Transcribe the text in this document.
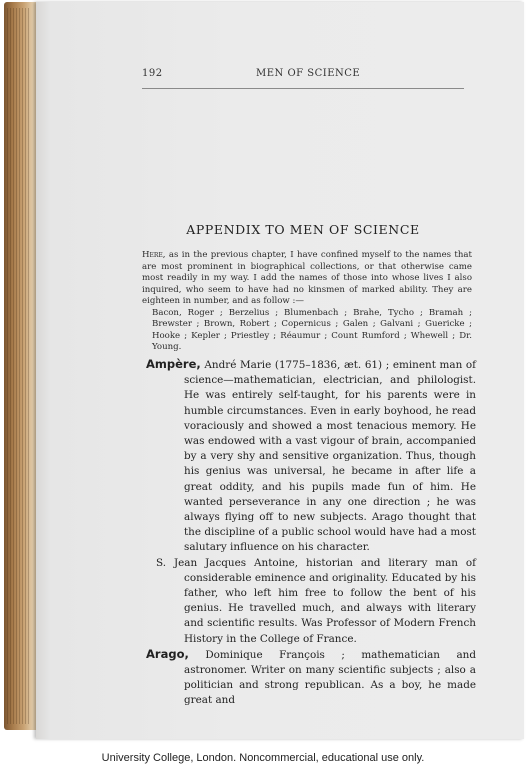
192	MEN OF SCIENCE
APPENDIX TO MEN OF SCIENCE

Here, as in the previous chapter, I have confined myself to the names that are most prominent in biographical collections, or that otherwise came most readily in my way. I add the names of those into whose lives I also inquired, who seem to have had no kinsmen of marked ability. They are eighteen in number, and as follow :—

Bacon, Roger ; Berzelius ; Blumenbach ; Brahe, Tycho ; Bramah ; Brewster ; Brown, Robert ; Copernicus ; Galen ; Galvani ; Guericke ; Hooke ; Kepler ; Priestley ; Réaumur ; Count Rumford ; Whewell ; Dr. Young.

Ampère, André Marie (1775–1836, æt. 61) ; eminent man of science—mathematician, electrician, and philologist. He was entirely self-taught, for his parents were in humble circumstances. Even in early boyhood, he read voraciously and showed a most tenacious memory. He was endowed with a vast vigour of brain, accompanied by a very shy and sensitive organization. Thus, though his genius was universal, he became in after life a great oddity, and his pupils made fun of him. He wanted perseverance in any one direction ; he was always flying off to new subjects. Arago thought that the discipline of a public school would have had a most salutary influence on his character.

S. Jean Jacques Antoine, historian and literary man of considerable eminence and originality. Educated by his father, who left him free to follow the bent of his genius. He travelled much, and always with literary and scientific results. Was Professor of Modern French History in the College of France.

Arago, Dominique François ; mathematician and astronomer. Writer on many scientific subjects ; also a politician and strong republican. As a boy, he made great and

University College, London. Noncommercial, educational use only.
